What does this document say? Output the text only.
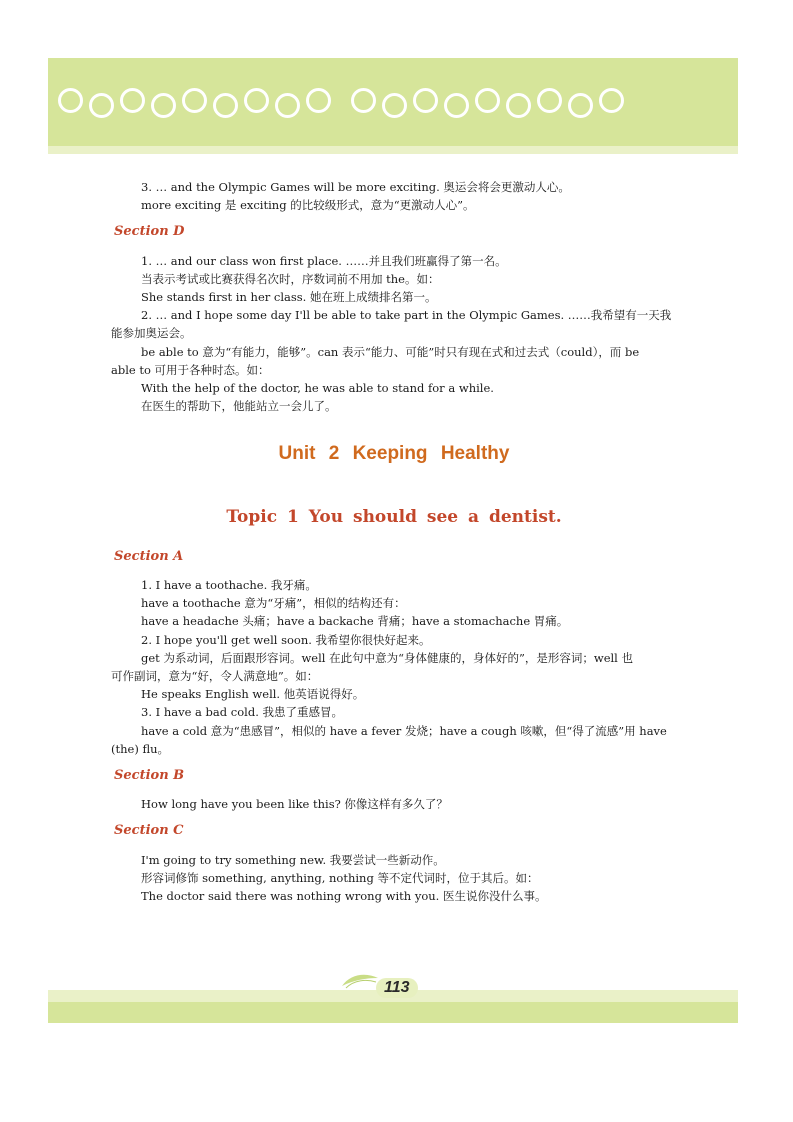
3. … and the Olympic Games will be more exciting. 奥运会将会更激动人心。
more exciting 是 exciting 的比较级形式，意为“更激动人心”。
Section D
1. … and our class won first place. ……并且我们班赢得了第一名。
当表示考试或比赛获得名次时，序数词前不用加 the。如：
She stands first in her class. 她在班上成绩排名第一。
2. … and I hope some day I'll be able to take part in the Olympic Games. ……我希望有一天我
能参加奥运会。
be able to 意为“有能力，能够”。can 表示“能力、可能”时只有现在式和过去式（could），而 be
able to 可用于各种时态。如：
With the help of the doctor, he was able to stand for a while.
在医生的帮助下，他能站立一会儿了。
Unit 2 Keeping Healthy
Topic 1 You should see a dentist.
Section A
1. I have a toothache. 我牙痛。
have a toothache 意为“牙痛”，相似的结构还有：
have a headache 头痛；have a backache 背痛；have a stomachache 胃痛。
2. I hope you'll get well soon. 我希望你很快好起来。
get 为系动词，后面跟形容词。well 在此句中意为“身体健康的，身体好的”，是形容词；well 也
可作副词，意为“好，令人满意地”。如：
He speaks English well. 他英语说得好。
3. I have a bad cold. 我患了重感冒。
have a cold 意为“患感冒”，相似的 have a fever 发烧；have a cough 咳嗽，但“得了流感”用 have
(the) flu。
Section B
How long have you been like this? 你像这样有多久了？
Section C
I'm going to try something new. 我要尝试一些新动作。
形容词修饰 something, anything, nothing 等不定代词时，位于其后。如：
The doctor said there was nothing wrong with you. 医生说你没什么事。
113
